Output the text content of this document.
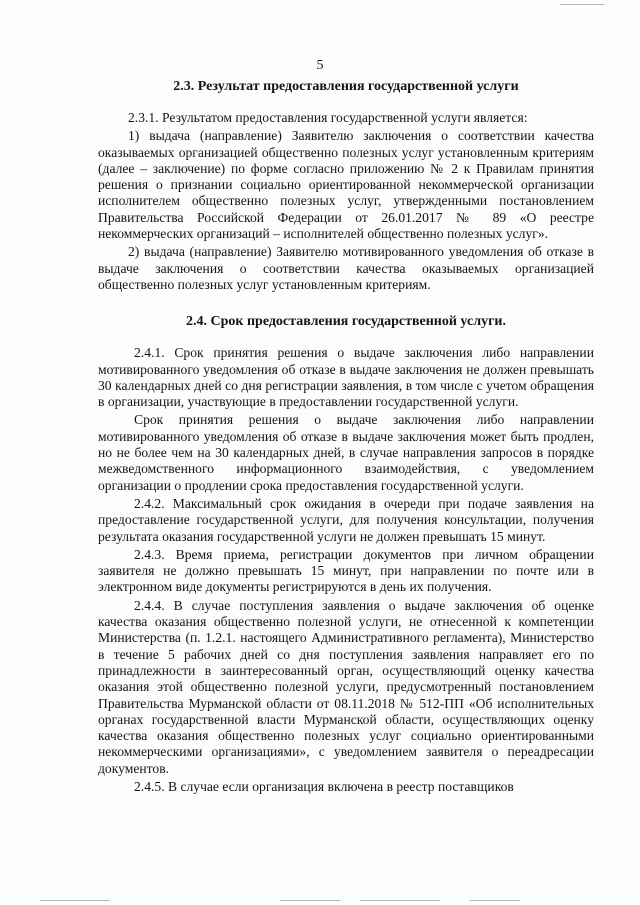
5
2.3. Результат предоставления государственной услуги

2.3.1. Результатом предоставления государственной услуги является:

1) выдача (направление) Заявителю заключения о соответствии качества оказываемых организацией общественно полезных услуг установленным критериям (далее – заключение) по форме согласно приложению № 2 к Правилам принятия решения о признании социально ориентированной некоммерческой организации исполнителем общественно полезных услуг, утвержденными постановлением Правительства Российской Федерации от 26.01.2017 № 89 «О реестре некоммерческих организаций – исполнителей общественно полезных услуг».

2) выдача (направление) Заявителю мотивированного уведомления об отказе в выдаче заключения о соответствии качества оказываемых организацией общественно полезных услуг установленным критериям.

2.4. Срок предоставления государственной услуги.

2.4.1. Срок принятия решения о выдаче заключения либо направлении мотивированного уведомления об отказе в выдаче заключения не должен превышать 30 календарных дней со дня регистрации заявления, в том числе с учетом обращения в организации, участвующие в предоставлении государственной услуги.

Срок принятия решения о выдаче заключения либо направлении мотивированного уведомления об отказе в выдаче заключения может быть продлен, но не более чем на 30 календарных дней, в случае направления запросов в порядке межведомственного информационного взаимодействия, с уведомлением организации о продлении срока предоставления государственной услуги.

2.4.2. Максимальный срок ожидания в очереди при подаче заявления на предоставление государственной услуги, для получения консультации, получения результата оказания государственной услуги не должен превышать 15 минут.

2.4.3. Время приема, регистрации документов при личном обращении заявителя не должно превышать 15 минут, при направлении по почте или в электронном виде документы регистрируются в день их получения.

2.4.4. В случае поступления заявления о выдаче заключения об оценке качества оказания общественно полезной услуги, не отнесенной к компетенции Министерства (п. 1.2.1. настоящего Административного регламента), Министерство в течение 5 рабочих дней со дня поступления заявления направляет его по принадлежности в заинтересованный орган, осуществляющий оценку качества оказания этой общественно полезной услуги, предусмотренный постановлением Правительства Мурманской области от 08.11.2018 № 512-ПП «Об исполнительных органах государственной власти Мурманской области, осуществляющих оценку качества оказания общественно полезных услуг социально ориентированными некоммерческими организациями», с уведомлением заявителя о переадресации документов.

2.4.5. В случае если организация включена в реестр поставщиков
